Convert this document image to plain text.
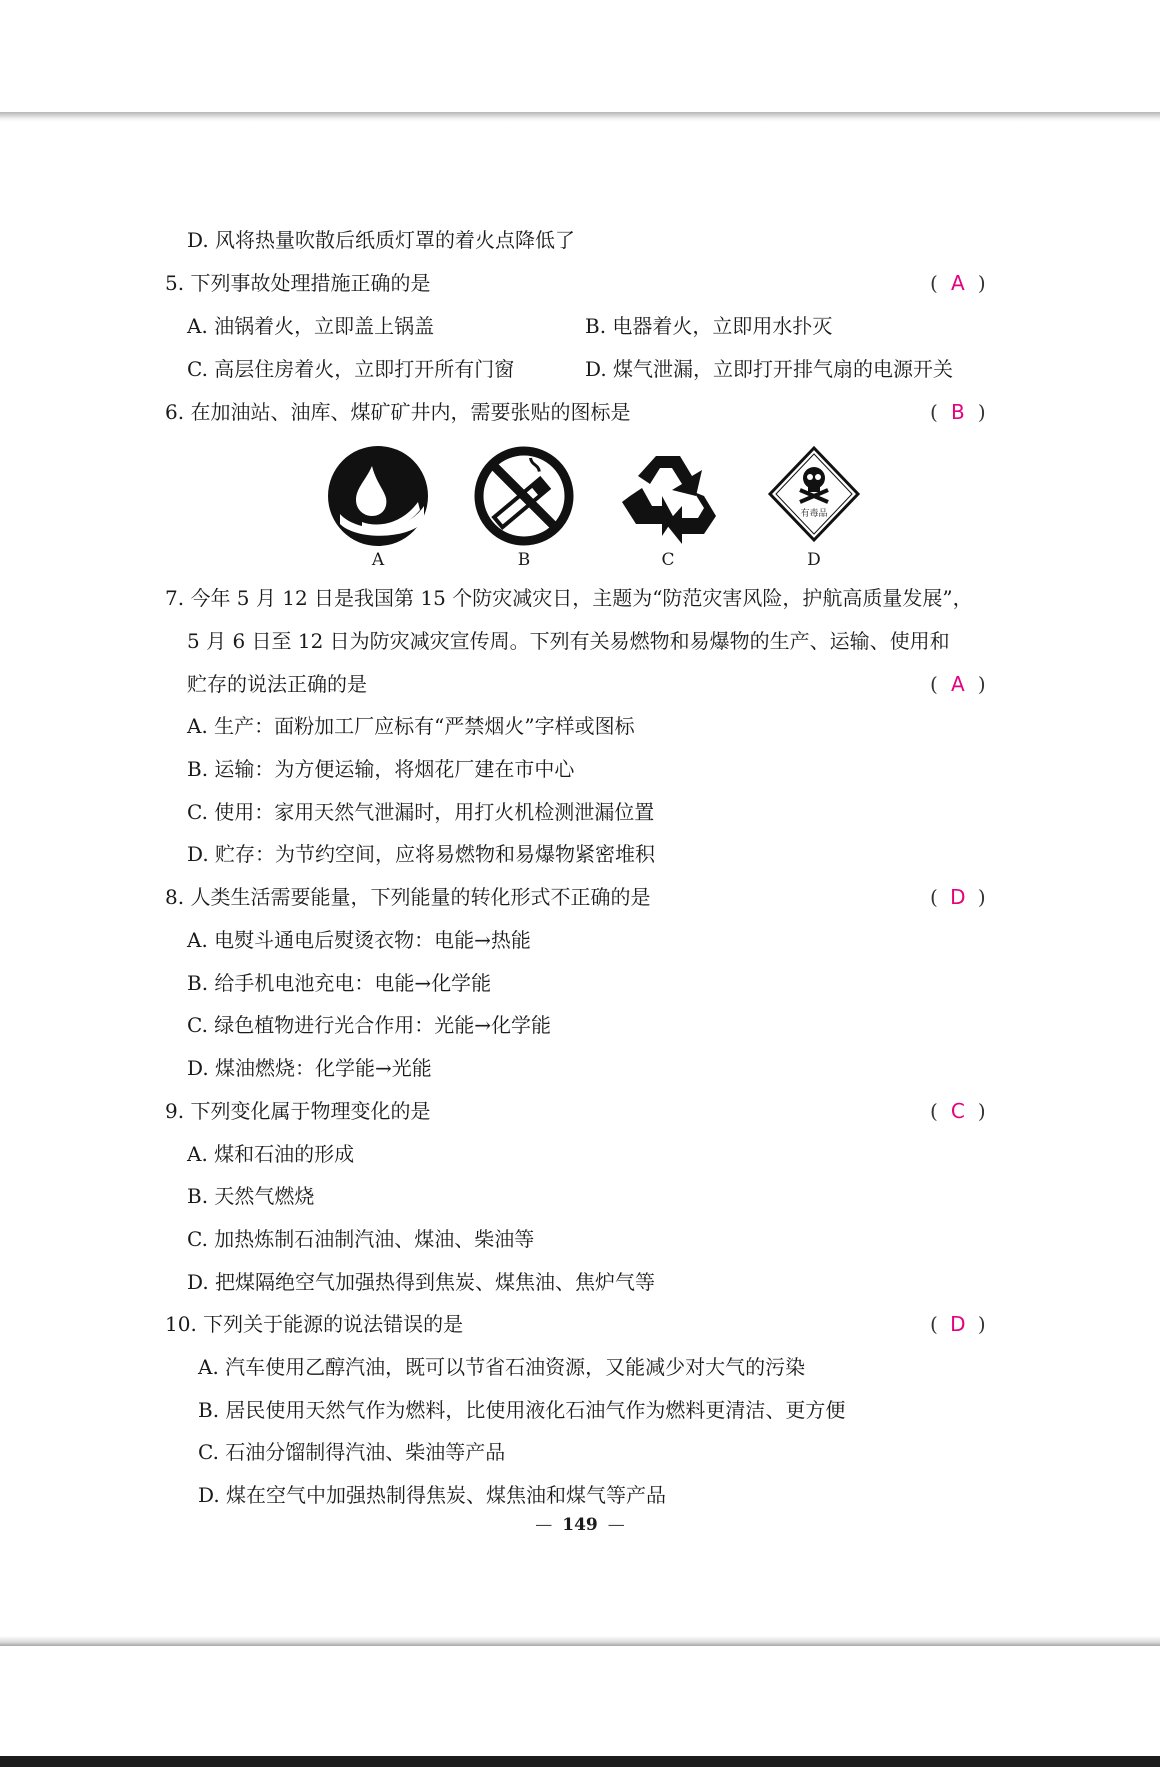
D. 风将热量吹散后纸质灯罩的着火点降低了
5. 下列事故处理措施正确的是	( A )
A. 油锅着火，立即盖上锅盖	B. 电器着火，立即用水扑灭
C. 高层住房着火，立即打开所有门窗	D. 煤气泄漏，立即打开排气扇的电源开关
6. 在加油站、油库、煤矿矿井内，需要张贴的图标是	( B )
A	B	C
有毒品
D
7. 今年 5 月 12 日是我国第 15 个防灾减灾日，主题为“防范灾害风险，护航高质量发展”，
5 月 6 日至 12 日为防灾减灾宣传周。下列有关易燃物和易爆物的生产、运输、使用和
贮存的说法正确的是	( A )
A. 生产：面粉加工厂应标有“严禁烟火”字样或图标
B. 运输：为方便运输，将烟花厂建在市中心
C. 使用：家用天然气泄漏时，用打火机检测泄漏位置
D. 贮存：为节约空间，应将易燃物和易爆物紧密堆积
8. 人类生活需要能量，下列能量的转化形式不正确的是	( D )
A. 电熨斗通电后熨烫衣物：电能→热能
B. 给手机电池充电：电能→化学能
C. 绿色植物进行光合作用：光能→化学能
D. 煤油燃烧：化学能→光能
9. 下列变化属于物理变化的是	( C )
A. 煤和石油的形成
B. 天然气燃烧
C. 加热炼制石油制汽油、煤油、柴油等
D. 把煤隔绝空气加强热得到焦炭、煤焦油、焦炉气等
10. 下列关于能源的说法错误的是	( D )
A. 汽车使用乙醇汽油，既可以节省石油资源，又能减少对大气的污染
B. 居民使用天然气作为燃料，比使用液化石油气作为燃料更清洁、更方便
C. 石油分馏制得汽油、柴油等产品
D. 煤在空气中加强热制得焦炭、煤焦油和煤气等产品
— 149 —
